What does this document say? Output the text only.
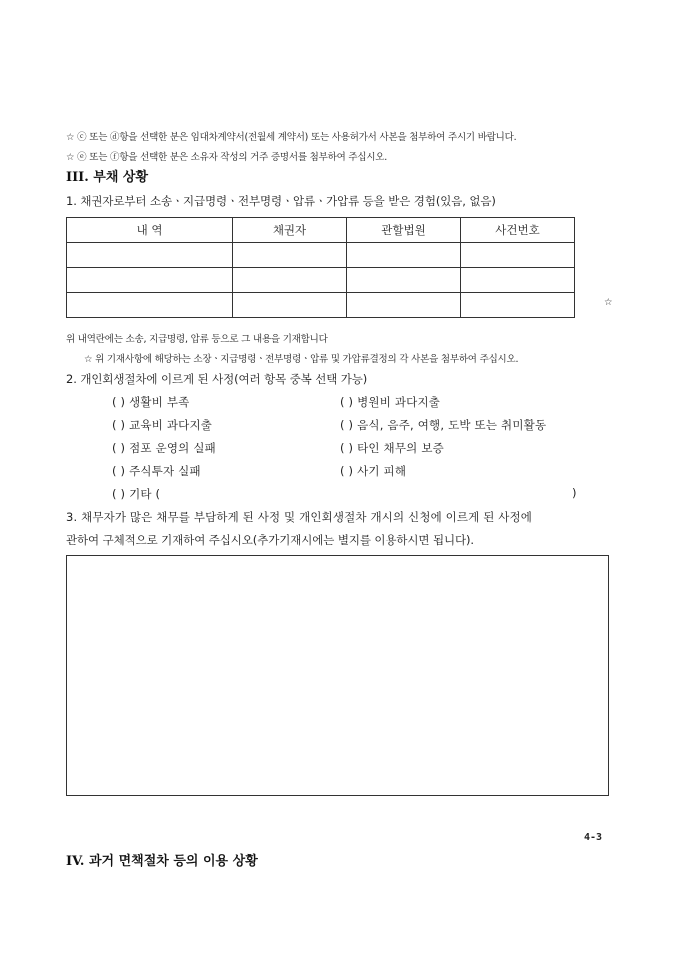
☆ ⓒ 또는 ⓓ항을 선택한 분은 임대차계약서(전월세 계약서) 또는 사용허가서 사본을 첨부하여 주시기 바랍니다.
☆ ⓔ 또는 ⓕ항을 선택한 분은 소유자 작성의 거주 증명서를 첨부하여 주십시오.
III. 부채 상황
1. 채권자로부터 소송ㆍ지급명령ㆍ전부명령ㆍ압류ㆍ가압류 등을 받은 경험(있음, 없음)
내 역	채권자	관할법원	사건번호

☆
위 내역란에는 소송, 지급명령, 압류 등으로 그 내용을 기재합니다
☆ 위 기재사항에 해당하는 소장ㆍ지급명령ㆍ전부명령ㆍ압류 및 가압류결정의 각 사본을 첨부하여 주십시오.
2. 개인회생절차에 이르게 된 사정(여러 항목 중복 선택 가능)
( ) 생활비 부족
( ) 교육비 과다지출
( ) 점포 운영의 실패
( ) 주식투자 실패
( ) 기타 (	)
( ) 병원비 과다지출
( ) 음식, 음주, 여행, 도박 또는 취미활동
( ) 타인 채무의 보증
( ) 사기 피해
3. 채무자가 많은 채무를 부담하게 된 사정 및 개인회생절차 개시의 신청에 이르게 된 사정에
관하여 구체적으로 기재하여 주십시오(추가기재시에는 별지를 이용하시면 됩니다).
4-3
IV. 과거 면책절차 등의 이용 상황
